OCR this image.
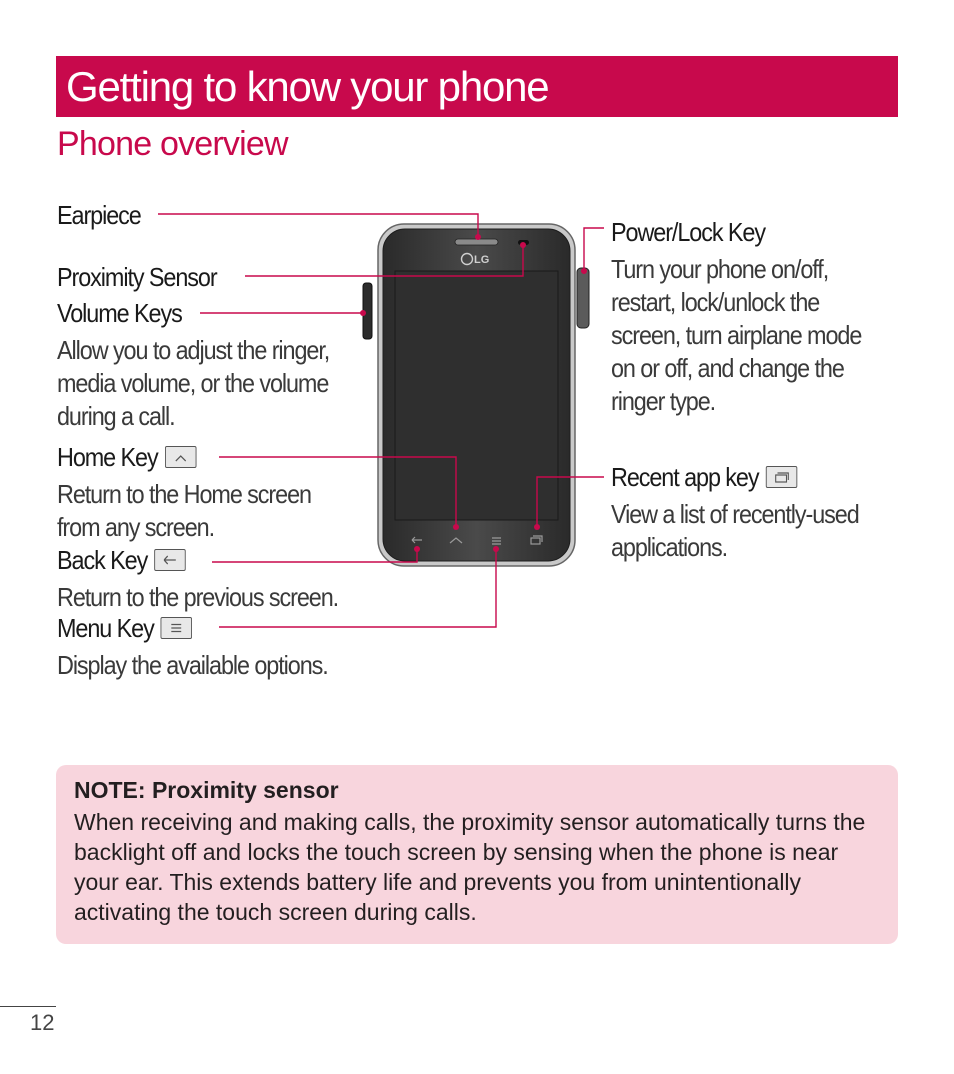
Getting to know your phone
Phone overview
LG
Earpiece
Proximity Sensor
Volume Keys
Allow you to adjust the ringer,
media volume, or the volume
during a call.
Home Key
Return to the Home screen
from any screen.
Back Key
Return to the previous screen.
Menu Key
Display the available options.
Power/Lock Key
Turn your phone on/off,
restart, lock/unlock the
screen, turn airplane mode
on or off, and change the
ringer type.
Recent app key
View a list of recently-used
applications.
NOTE: Proximity sensor
When receiving and making calls, the proximity sensor automatically turns the backlight off and locks the touch screen by sensing when the phone is near your ear. This extends battery life and prevents you from unintentionally activating the touch screen during calls.
12
